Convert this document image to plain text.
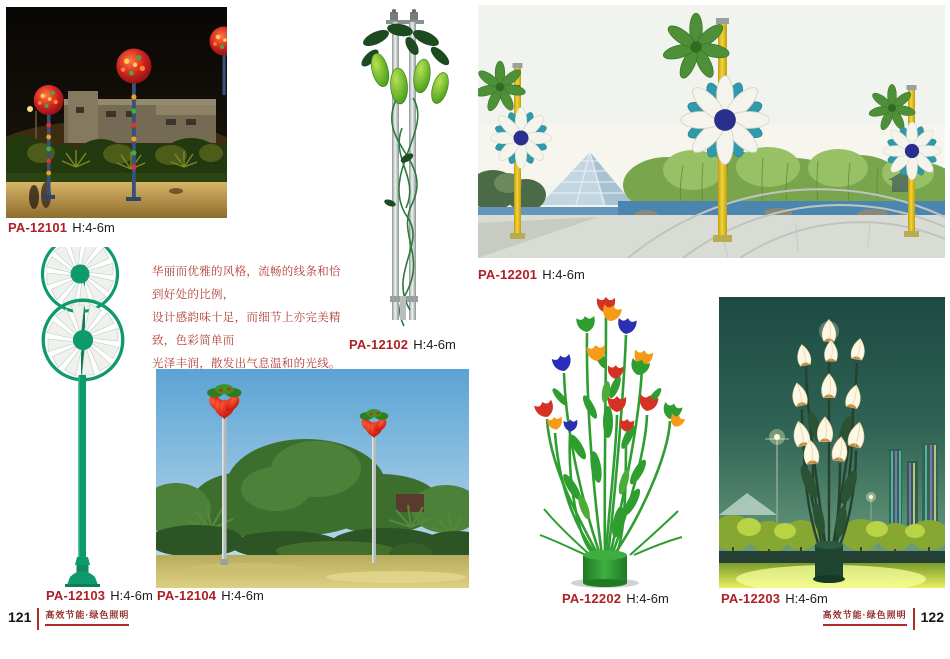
华丽而优雅的风格，流畅的线条和恰到好处的比例，
设计感韵味十足，而细节上亦完美精致，色彩简单而
光泽丰润，散发出气息温和的光线。
PA-12101 H:4-6m
PA-12102 H:4-6m
PA-12103 H:4-6m PA-12104 H:4-6m
PA-12201 H:4-6m
PA-12202 H:4-6m	PA-12203 H:4-6m
121 高效节能·绿色照明	高效节能·绿色照明 122
